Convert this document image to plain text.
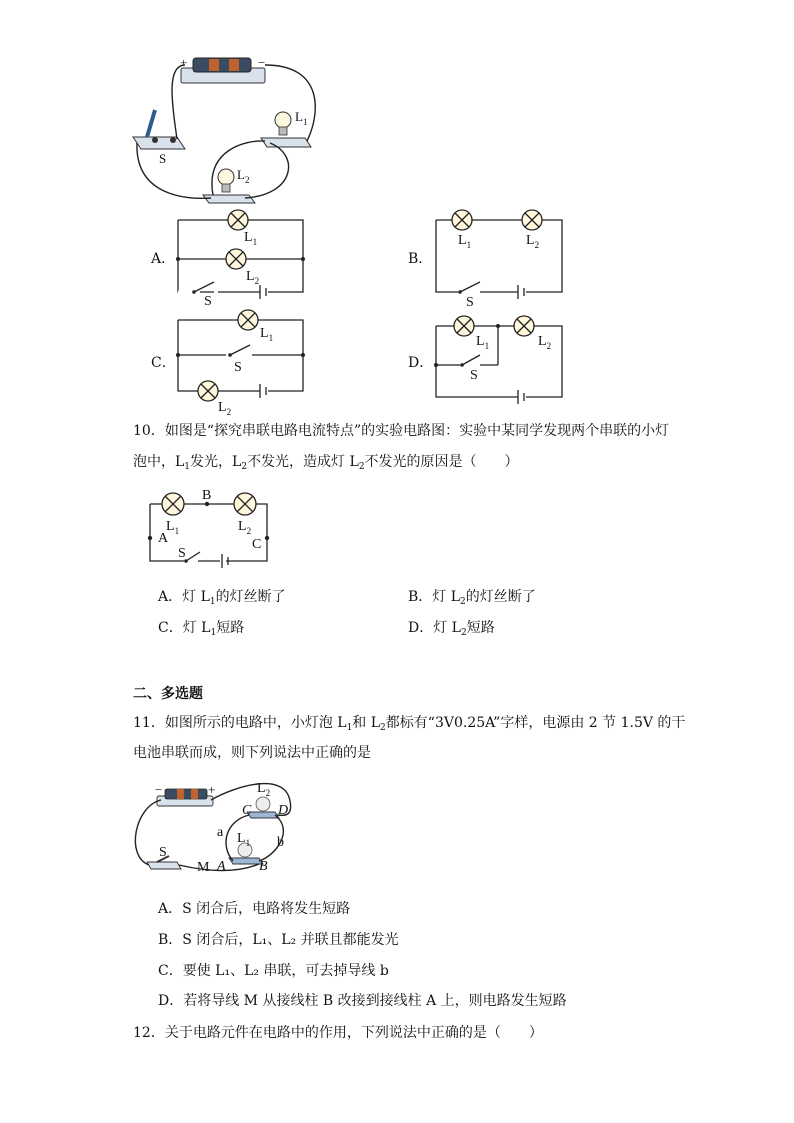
+	−
S
$L_1$
$L_2$
A．
$L_1$
$L_2$
S
B．
$L_1$	$L_2$
S
C．
$L_1$
S
$L_2$
D．
$L_1$	$L_2$
S
10．如图是“探究串联电路电流特点”的实验电路图：实验中某同学发现两个串联的小灯
泡中，$L_1$发光，$L_2$不发光，造成灯 $L_2$不发光的原因是（　　）
B
A	C
S
$L_1$	$L_2$
A．灯 $L_1$的灯丝断了	B．灯 $L_2$的灯丝断了
C．灯 $L_1$短路	D．灯 $L_2$短路
二、多选题
11．如图所示的电路中，小灯泡 $L_1$和 $L_2$都标有“3V0.25A”字样，电源由 2 节 1.5V 的干
电池串联而成，则下列说法中正确的是
−	+
S
$L_2$
C D
$L_1$
A B
a
b
M
A．S 闭合后，电路将发生短路
B．S 闭合后，L₁、L₂ 并联且都能发光
C．要使 L₁、L₂ 串联，可去掉导线 b
D．若将导线 M 从接线柱 B 改接到接线柱 A 上，则电路发生短路
12．关于电路元件在电路中的作用，下列说法中正确的是（　　）
